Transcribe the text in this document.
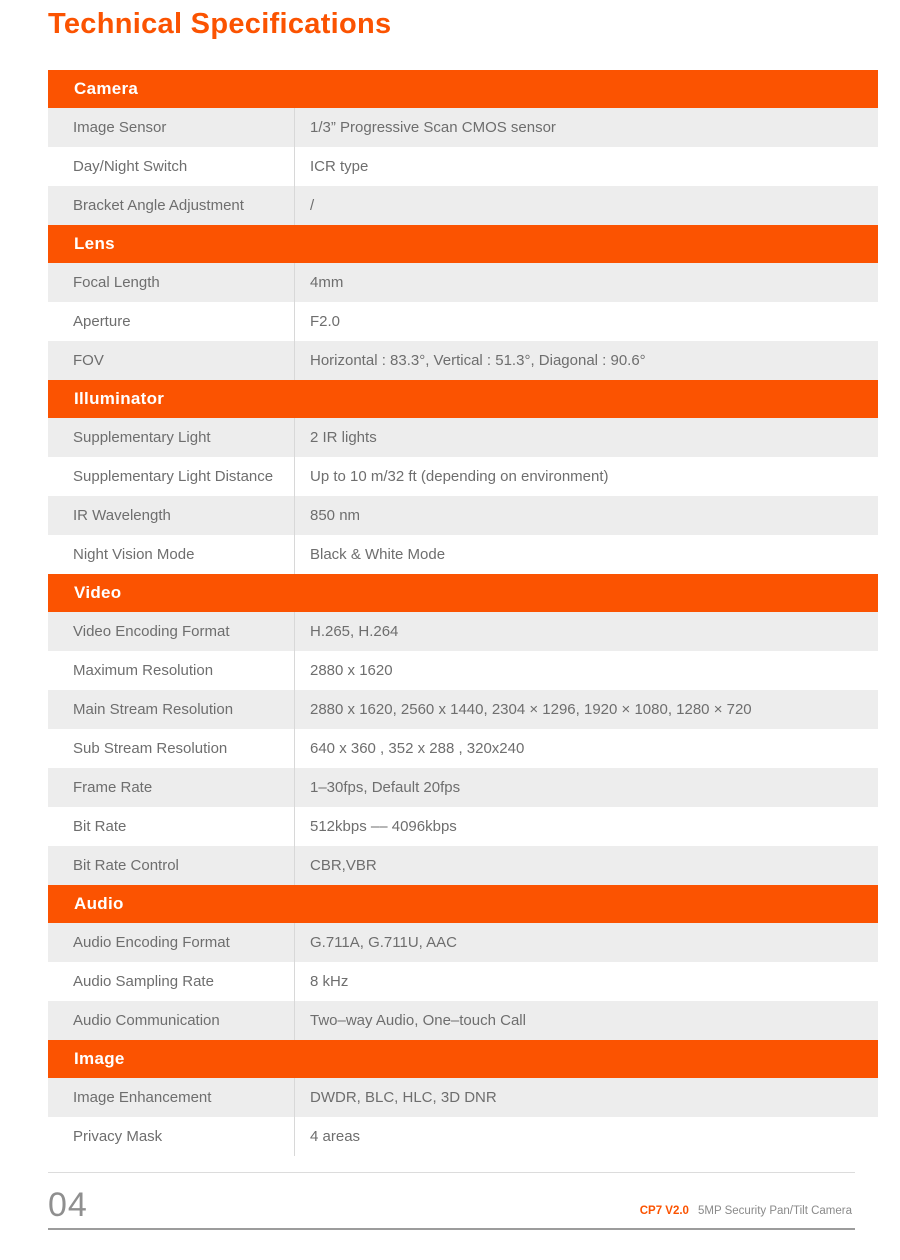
Technical Specifications
Camera
Image Sensor	1/3” Progressive Scan CMOS sensor
Day/Night Switch	ICR type
Bracket Angle Adjustment	/
Lens
Focal Length	4mm
Aperture	F2.0
FOV	Horizontal : 83.3°, Vertical : 51.3°, Diagonal : 90.6°
Illuminator
Supplementary Light	2 IR lights
Supplementary Light Distance	Up to 10 m/32 ft (depending on environment)
IR Wavelength	850 nm
Night Vision Mode	Black & White Mode
Video
Video Encoding Format	H.265, H.264
Maximum Resolution	2880 x 1620
Main Stream Resolution	2880 x 1620, 2560 x 1440, 2304 × 1296, 1920 × 1080, 1280 × 720
Sub Stream Resolution	640 x 360 , 352 x 288 , 320x240
Frame Rate	1–30fps, Default 20fps
Bit Rate	512kbps –– 4096kbps
Bit Rate Control	CBR,VBR
Audio
Audio Encoding Format	G.711A, G.711U, AAC
Audio Sampling Rate	8 kHz
Audio Communication	Two–way Audio, One–touch Call
Image
Image Enhancement	DWDR, BLC, HLC, 3D DNR
Privacy Mask	4 areas
04	CP7 V2.0 5MP Security Pan/Tilt Camera
